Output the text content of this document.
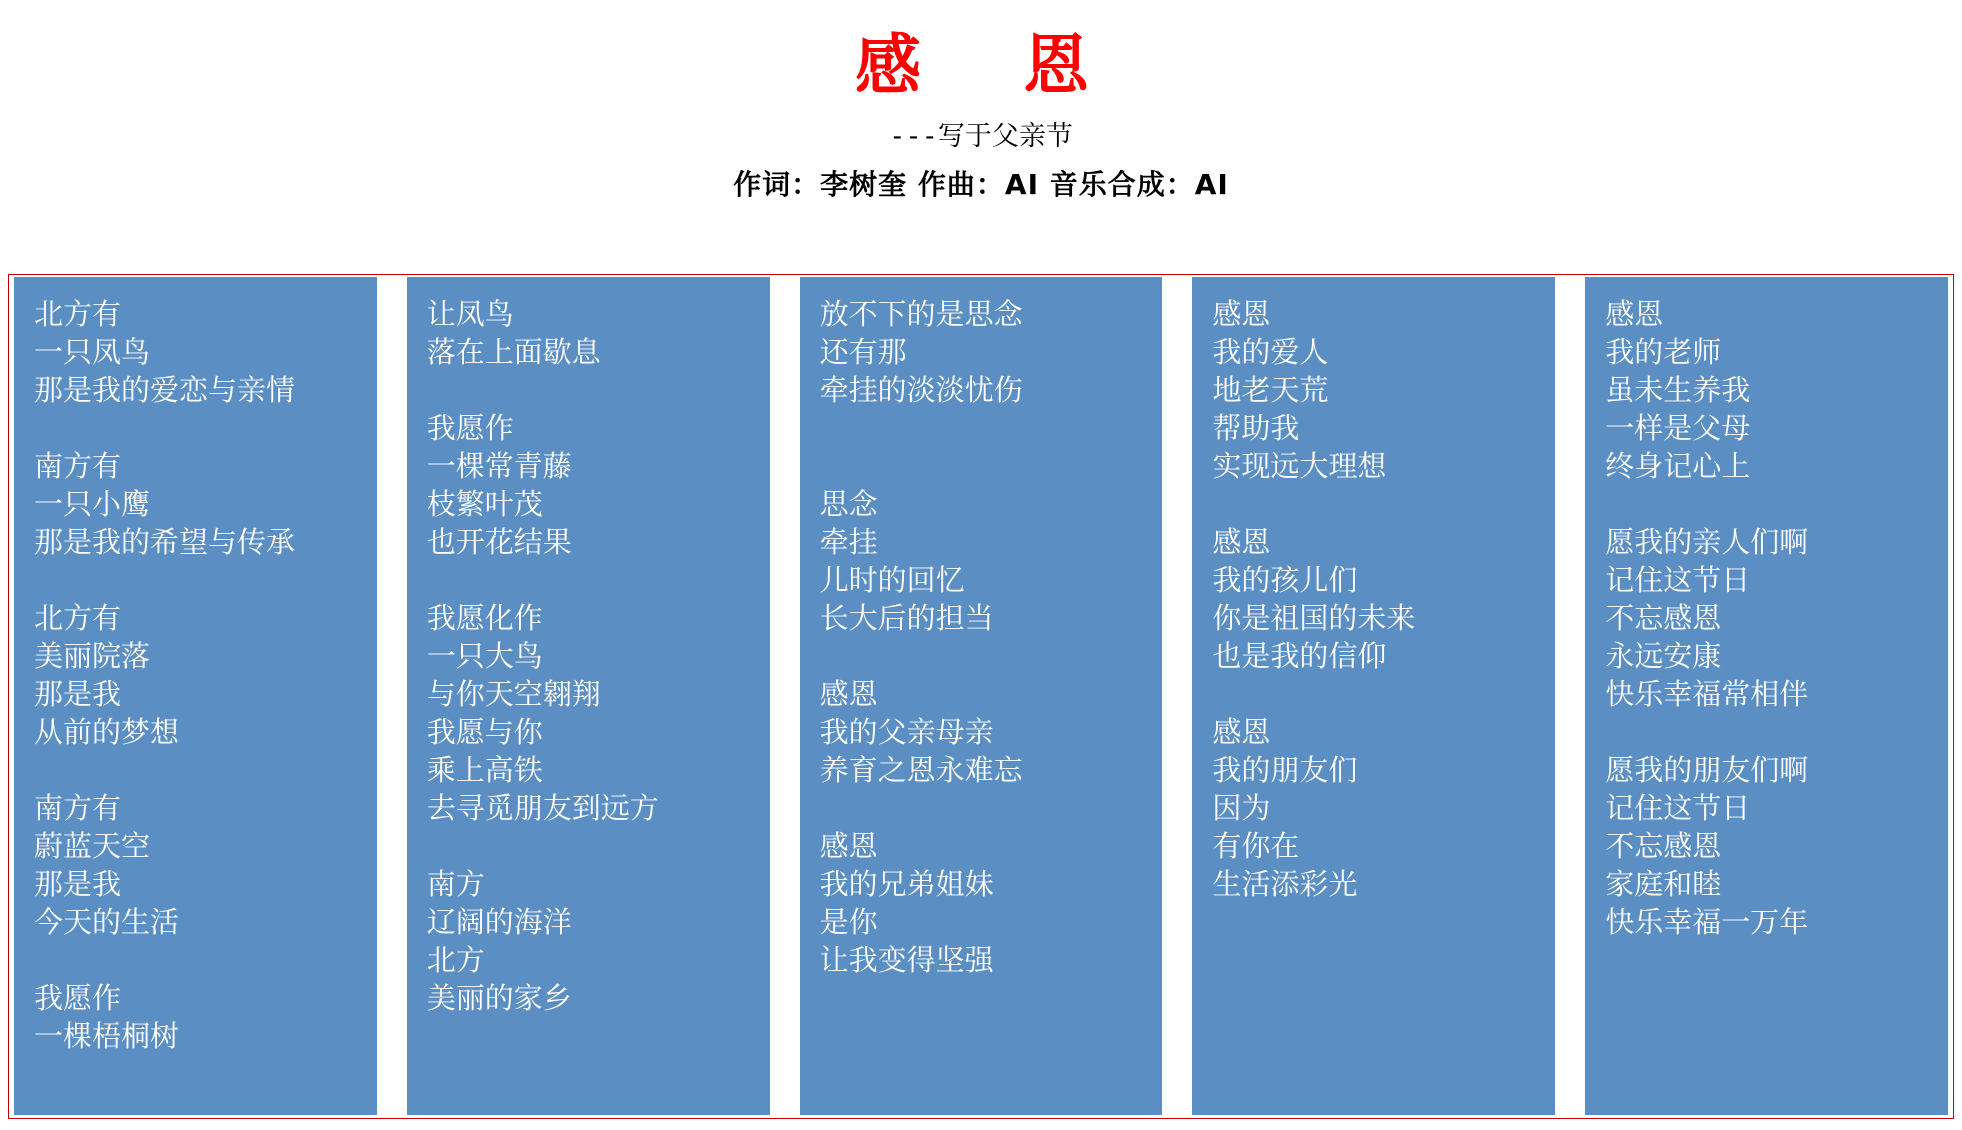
感　恩
---写于父亲节
作词：李树奎 作曲：AI 音乐合成：AI
北方有
一只凤鸟
那是我的爱恋与亲情

南方有
一只小鹰
那是我的希望与传承

北方有
美丽院落
那是我
从前的梦想

南方有
蔚蓝天空
那是我
今天的生活

我愿作
一棵梧桐树
让凤鸟
落在上面歇息

我愿作
一棵常青藤
枝繁叶茂
也开花结果

我愿化作
一只大鸟
与你天空翱翔
我愿与你
乘上高铁
去寻觅朋友到远方

南方
辽阔的海洋
北方
美丽的家乡
放不下的是思念
还有那
牵挂的淡淡忧伤

思念
牵挂
儿时的回忆
长大后的担当

感恩
我的父亲母亲
养育之恩永难忘

感恩
我的兄弟姐妹
是你
让我变得坚强
感恩
我的爱人
地老天荒
帮助我
实现远大理想

感恩
我的孩儿们
你是祖国的未来
也是我的信仰

感恩
我的朋友们
因为
有你在
生活添彩光
感恩
我的老师
虽未生养我
一样是父母
终身记心上

愿我的亲人们啊
记住这节日
不忘感恩
永远安康
快乐幸福常相伴

愿我的朋友们啊
记住这节日
不忘感恩
家庭和睦
快乐幸福一万年
